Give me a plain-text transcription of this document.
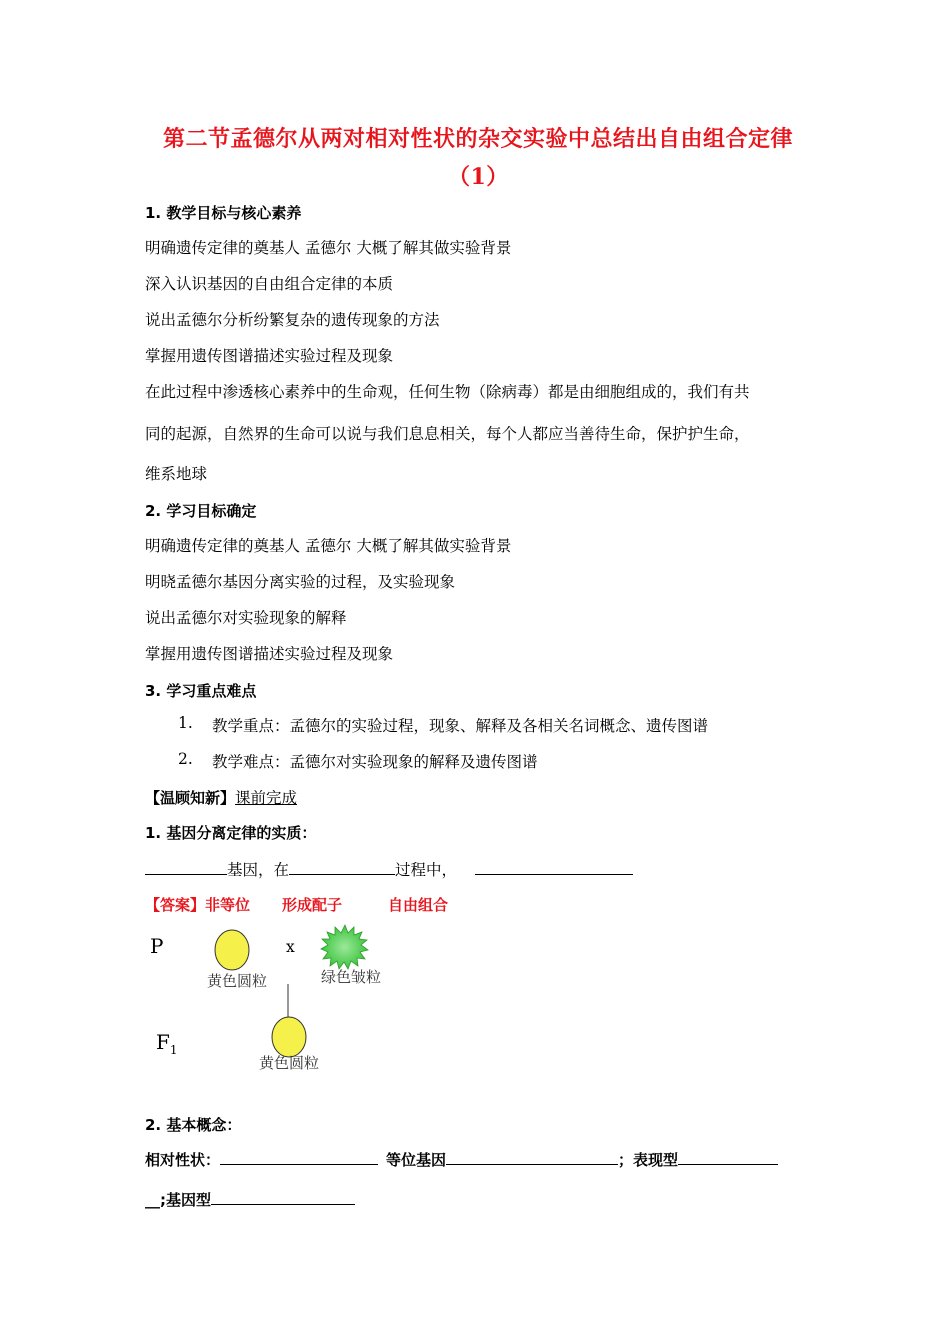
第二节孟德尔从两对相对性状的杂交实验中总结出自由组合定律
（1）
1. 教学目标与核心素养
明确遗传定律的奠基人 孟德尔 大概了解其做实验背景
深入认识基因的自由组合定律的本质
说出孟德尔分析纷繁复杂的遗传现象的方法
掌握用遗传图谱描述实验过程及现象
在此过程中渗透核心素养中的生命观，任何生物（除病毒）都是由细胞组成的，我们有共
同的起源，自然界的生命可以说与我们息息相关，每个人都应当善待生命，保护护生命，
维系地球
2. 学习目标确定
明确遗传定律的奠基人 孟德尔 大概了解其做实验背景
明晓孟德尔基因分离实验的过程，及实验现象
说出孟德尔对实验现象的解释
掌握用遗传图谱描述实验过程及现象
3. 学习重点难点
1. 教学重点：孟德尔的实验过程，现象、解释及各相关名词概念、遗传图谱
2. 教学难点：孟德尔对实验现象的解释及遗传图谱
【温顾知新】课前完成
1. 基因分离定律的实质：
基因，在	过程中，
【答案】非等位 形成配子	自由组合
P	x
黄色圆粒	绿色皱粒
$F_1$
黄色圆粒
2. 基本概念：
相对性状：	等位基因	；表现型
__;基因型
